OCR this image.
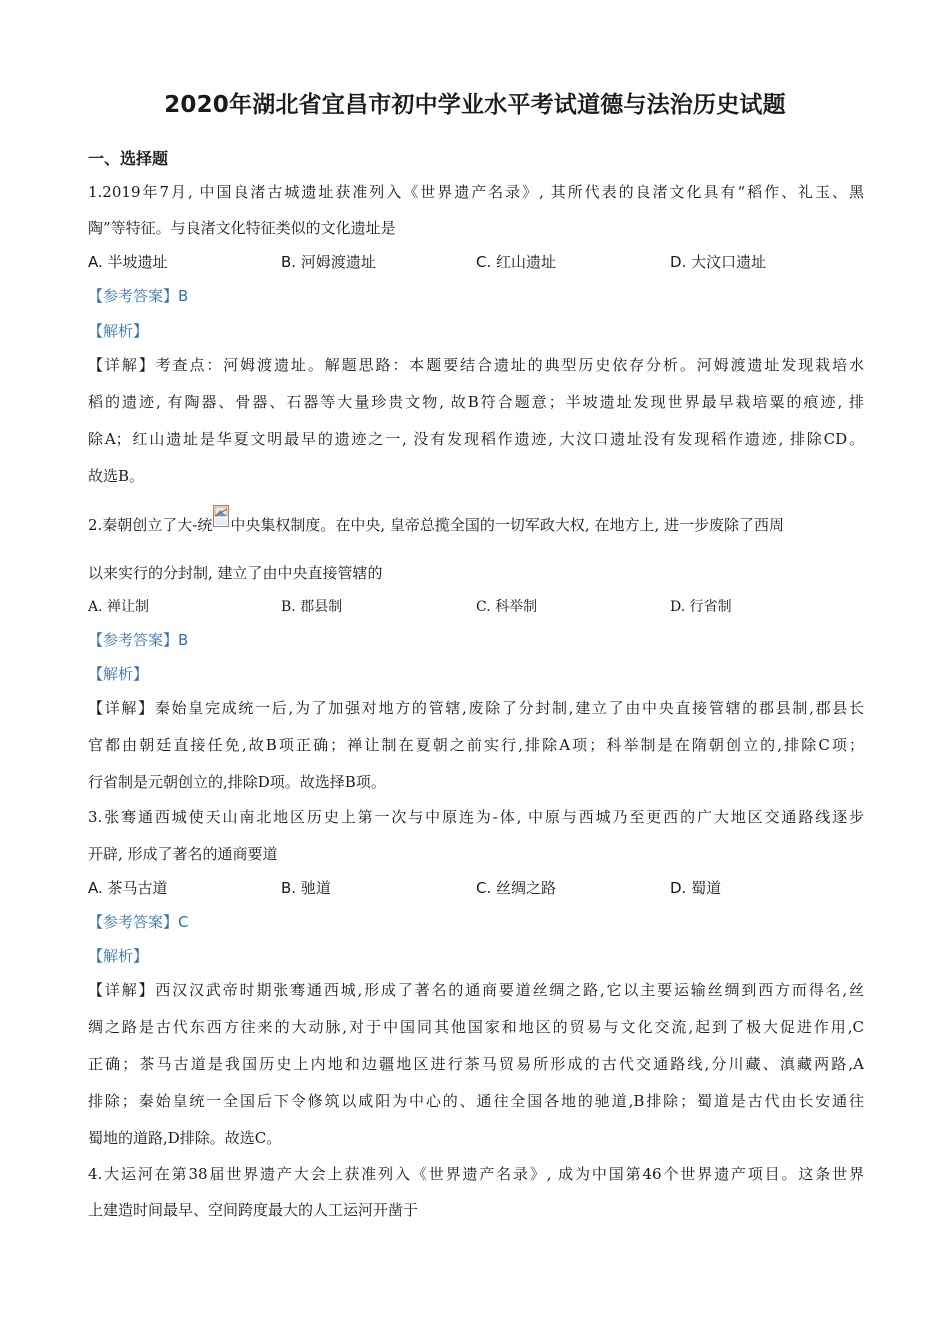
2020年湖北省宜昌市初中学业水平考试道德与法治历史试题
一、选择题
1.2019年7月, 中国良渚古城遗址获准列入《世界遗产名录》, 其所代表的良渚文化具有“稻作、礼玉、黑
陶”等特征。与良渚文化特征类似的文化遗址是
A. 半坡遗址	B. 河姆渡遗址	C. 红山遗址	D. 大汶口遗址
【参考答案】B
【解析】
【详解】考查点：河姆渡遗址。解题思路：本题要结合遗址的典型历史依存分析。河姆渡遗址发现栽培水
稻的遗迹, 有陶器、骨器、石器等大量珍贵文物, 故B符合题意；半坡遗址发现世界最早栽培粟的痕迹, 排
除A；红山遗址是华夏文明最早的遗迹之一, 没有发现稻作遗迹, 大汶口遗址没有发现稻作遗迹, 排除CD。
故选B。
2.秦朝创立了大-统 中央集权制度。在中央, 皇帝总揽全国的一切军政大权, 在地方上, 进一步废除了西周
以来实行的分封制, 建立了由中央直接管辖的
A. 禅让制	B. 郡县制	C. 科举制	D. 行省制
【参考答案】B
【解析】
【详解】秦始皇完成统一后,为了加强对地方的管辖,废除了分封制,建立了由中央直接管辖的郡县制,郡县长
官都由朝廷直接任免,故B项正确；禅让制在夏朝之前实行,排除A项；科举制是在隋朝创立的,排除C项；
行省制是元朝创立的,排除D项。故选择B项。
3.张骞通西城使天山南北地区历史上第一次与中原连为-体, 中原与西城乃至更西的广大地区交通路线逐步
开辟, 形成了著名的通商要道
A. 茶马古道	B. 驰道	C. 丝绸之路	D. 蜀道
【参考答案】C
【解析】
【详解】西汉汉武帝时期张骞通西城,形成了著名的通商要道丝绸之路,它以主要运输丝绸到西方而得名,丝
绸之路是古代东西方往来的大动脉,对于中国同其他国家和地区的贸易与文化交流,起到了极大促进作用,C
正确；茶马古道是我国历史上内地和边疆地区进行茶马贸易所形成的古代交通路线,分川藏、滇藏两路,A
排除；秦始皇统一全国后下令修筑以咸阳为中心的、通往全国各地的驰道,B排除；蜀道是古代由长安通往
蜀地的道路,D排除。故选C。
4.大运河在第38届世界遗产大会上获准列入《世界遗产名录》, 成为中国第46个世界遗产项目。这条世界
上建造时间最早、空间跨度最大的人工运河开凿于
